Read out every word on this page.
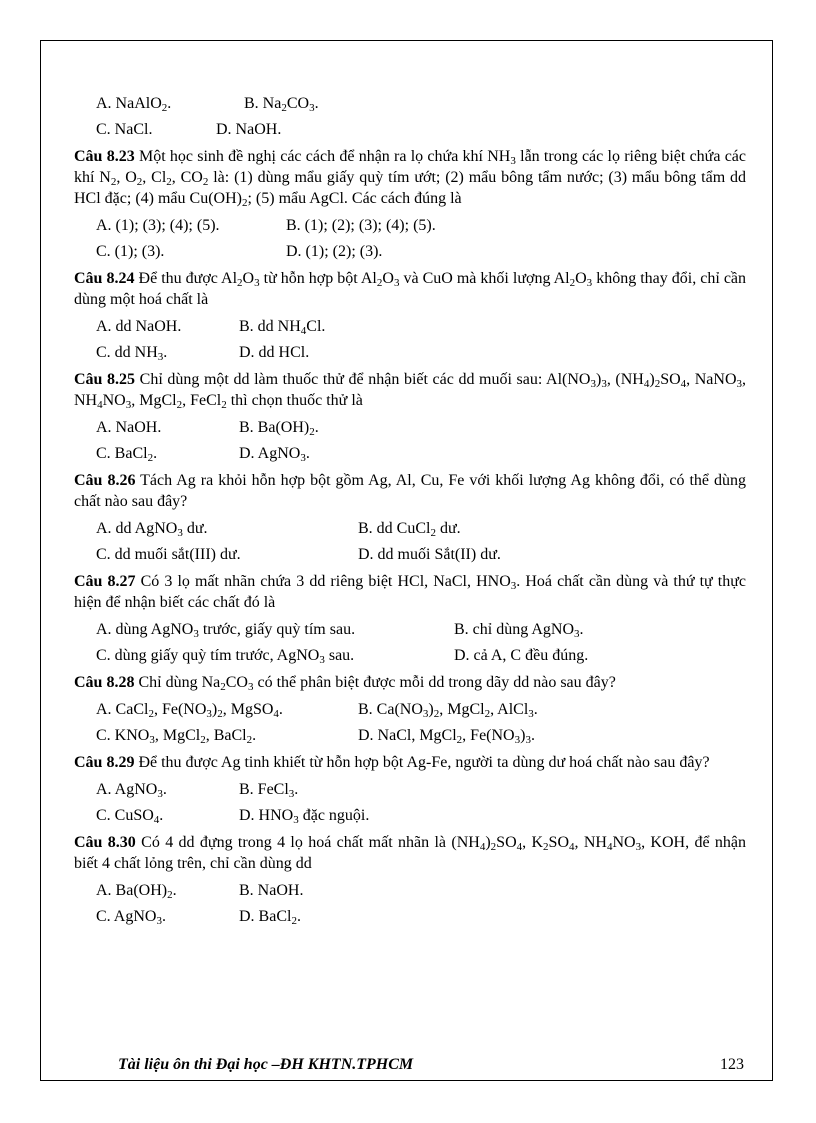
A. NaAlO$_2$.	B. $Na_2CO_3$.
C. NaCl.	D. NaOH.
Câu 8.23 Một học sinh đề nghị các cách để nhận ra lọ chứa khí $NH_3$ lẫn trong các lọ riêng biệt chứa các khí $N_2$, $O_2$, $Cl_2$, $CO_2$ là: (1) dùng mẩu giấy quỳ tím ướt; (2) mẩu bông tẩm nước; (3) mẩu bông tẩm dd HCl đặc; (4) mẩu $Cu(OH)_2$; (5) mẩu AgCl. Các cách đúng là
A. (1); (3); (4); (5).	B. (1); (2); (3); (4); (5).
C. (1); (3).	D. (1); (2); (3).
Câu 8.24 Để thu được $Al_2O_3$ từ hỗn hợp bột $Al_2O_3$ và CuO mà khối lượng $Al_2O_3$ không thay đổi, chỉ cần dùng một hoá chất là
A. dd NaOH.	B. dd $NH_4Cl$.
C. dd $NH_3$.	D. dd HCl.
Câu 8.25 Chỉ dùng một dd làm thuốc thử để nhận biết các dd muối sau: $Al(NO_3)_3$, $(NH_4)_2SO_4$, NaNO$_3$, $NH_4NO_3$, MgCl$_2$, FeCl$_2$ thì chọn thuốc thử là
A. NaOH.	B. $Ba(OH)_2$.
C. BaCl$_2$.	D. AgNO$_3$.
Câu 8.26 Tách Ag ra khỏi hỗn hợp bột gồm Ag, Al, Cu, Fe với khối lượng Ag không đổi, có thể dùng chất nào sau đây?
A. dd AgNO$_3$ dư.	B. dd CuCl$_2$ dư.
C. dd muối sắt(III) dư.	D. dd muối Sắt(II) dư.
Câu 8.27 Có 3 lọ mất nhãn chứa 3 dd riêng biệt HCl, NaCl, $HNO_3$. Hoá chất cần dùng và thứ tự thực hiện để nhận biết các chất đó là
A. dùng AgNO$_3$ trước, giấy quỳ tím sau.	B. chỉ dùng AgNO$_3$.
C. dùng giấy quỳ tím trước, AgNO$_3$ sau.	D. cả A, C đều đúng.
Câu 8.28 Chỉ dùng $Na_2CO_3$ có thể phân biệt được mỗi dd trong dãy dd nào sau đây?
A. CaCl$_2$, $Fe(NO_3)_2$, MgSO$_4$.	B. $Ca(NO_3)_2$, MgCl$_2$, AlCl$_3$.
C. $KNO_3$, MgCl$_2$, BaCl$_2$.	D. NaCl, MgCl$_2$, $Fe(NO_3)_3$.
Câu 8.29 Để thu được Ag tinh khiết từ hỗn hợp bột Ag-Fe, người ta dùng dư hoá chất nào sau đây?
A. AgNO$_3$.	B. FeCl$_3$.
C. CuSO$_4$.	D. $HNO_3$ đặc nguội.
Câu 8.30 Có 4 dd đựng trong 4 lọ hoá chất mất nhãn là $(NH_4)_2SO_4$, $K_2SO_4$, $NH_4NO_3$, KOH, để nhận biết 4 chất lỏng trên, chỉ cần dùng dd
A. $Ba(OH)_2$.	B. NaOH.
C. AgNO$_3$.	D. BaCl$_2$.
Tài liệu ôn thi Đại học –ĐH KHTN.TPHCM	123
